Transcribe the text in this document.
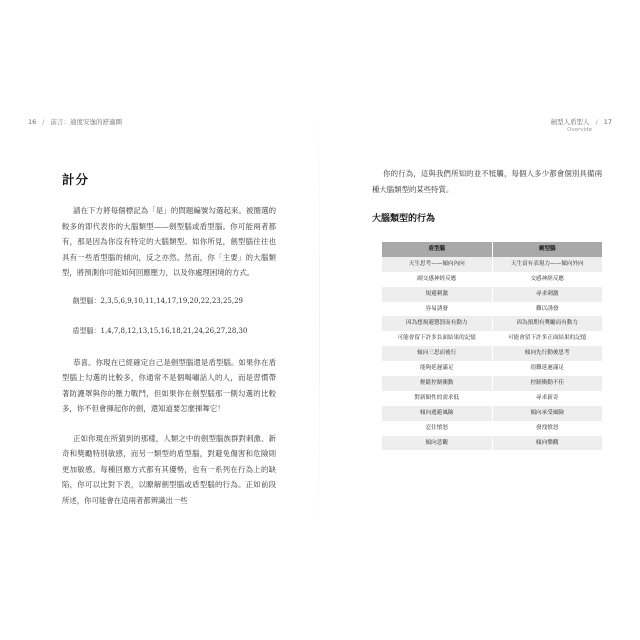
16 / 前言：通度安逸的舒適圈	劍型人盾型人 / 17
Overvide
計分

請在下方將每個標記為「是」的問題編號勾選起來。被圈選的較多的即代表你的大腦類型——劍型腦或盾型腦。你可能兩者都有，那是因為你沒有特定的大腦類型。如你所見，劍型腦往往也具有一些盾型腦的傾向，反之亦然。然而，你「主要」的大腦類型，將預測你可能如何回應壓力，以及你處理困境的方式。

劍型腦：2,3,5,6,9,10,11,14,17,19,20,22,23,25,29
盾型腦：1,4,7,8,12,13,15,16,18,21,24,26,27,28,30

恭喜。你現在已經確定自己是劍型腦還是盾型腦。如果你在盾型腦上勾選的比較多，你通常不是個喝嘯話人的人，而是習慣帶著防護罩與你的壓力戰鬥，但如果你在劍型腦那一側勾選的比較多，你不但會揮起你的劍，還知道要怎麼揮舞它！

正如你現在所猜到的那樣，人類之中的劍型腦族群對刺激、新奇和獎勵特別敏感，而另一類型的盾型腦，對避免傷害和危險則更加敏感。每種回應方式都有其優勢，也有一系列在行為上的缺陷，你可以比對下表，以瞭解劍型腦或盾型腦的行為。正如前段所述，你可能會在這兩者都辨識出一些

你的行為，這與我們所知的並不牴觸，每個人多少都會個別具備兩種大腦類型的某些特質。

大腦類型的行為
盾型腦	劍型腦
天生思考——傾向內向	天生富有表現力——傾向外向
副交感神經反應	交感神經反應
規避刺激	尋求刺激
容易誘發	難以誘發
因為想規避懲罰而有動力	因為預期有獎勵而有動力
可能會留下許多負面結果的記憶	可能會留下許多正面結果的記憶
傾向三思而後行	傾向先行動後思考
能夠延遲滿足	很難延遲滿足
輕鬆控制衝動	控制衝動不佳
對新穎性的需求低	尋求新奇
傾向逃避風險	傾向承受風險
忍住憤怒	發洩憤怒
傾向悲觀	傾向樂觀
